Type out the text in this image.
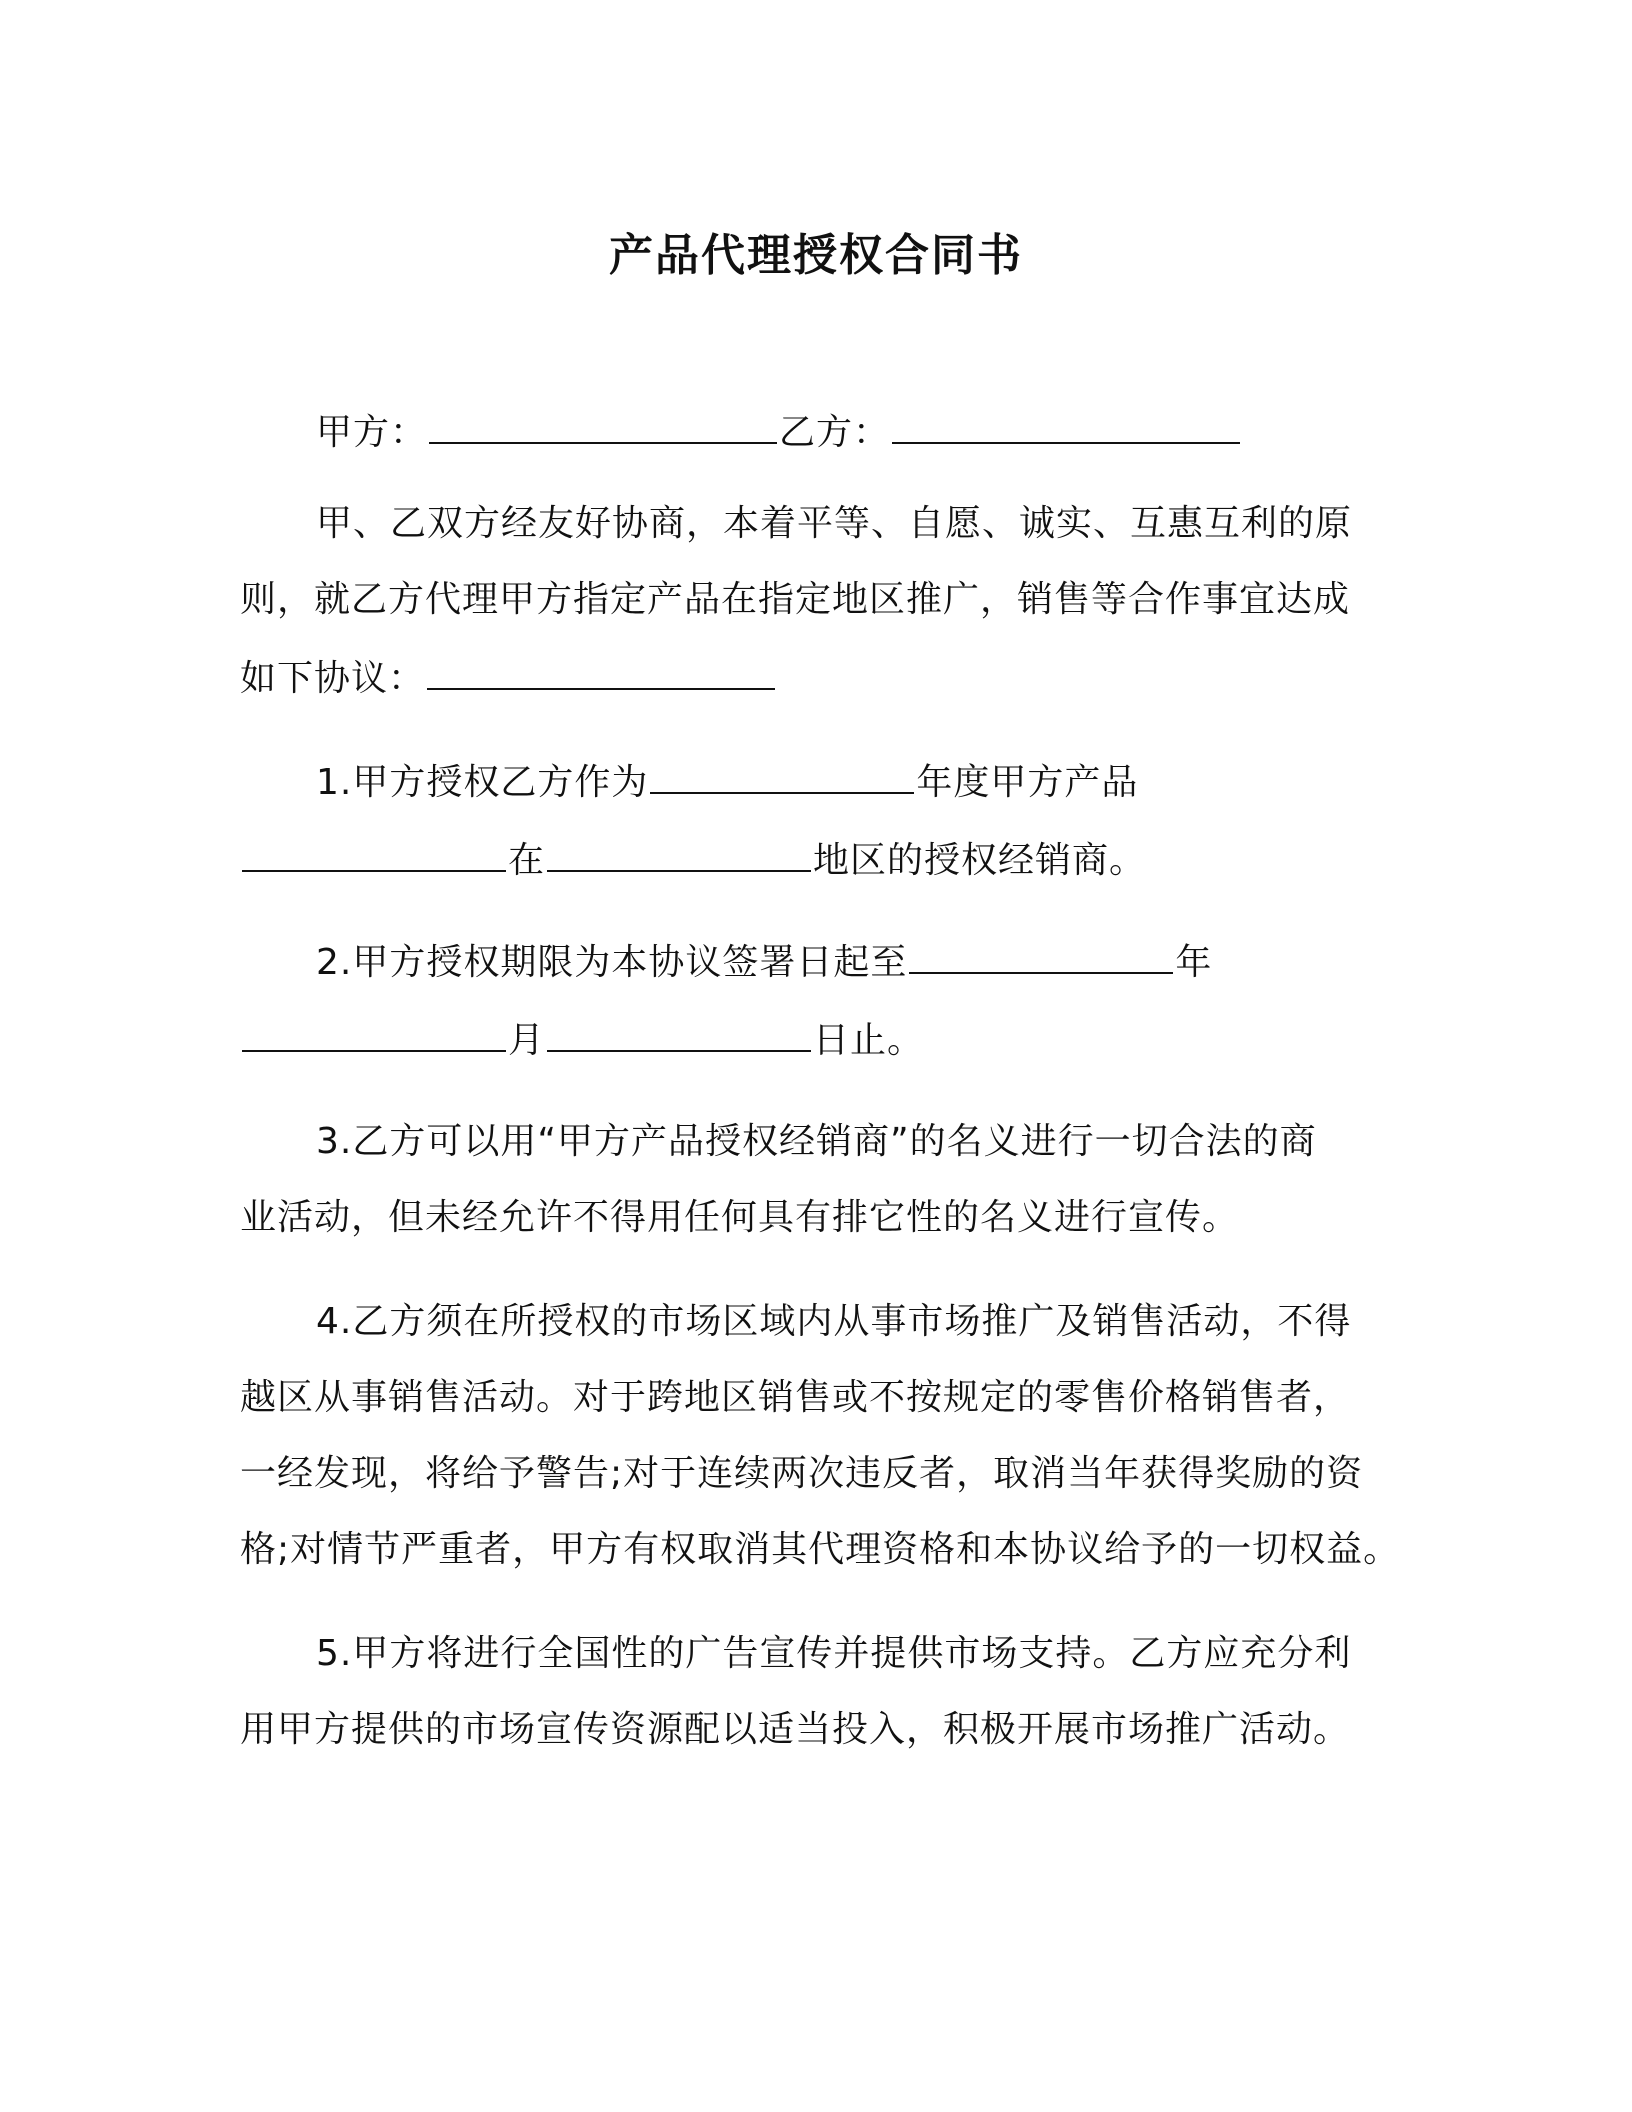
产品代理授权合同书
甲方：	乙方：
甲、乙双方经友好协商，本着平等、自愿、诚实、互惠互利的原
则，就乙方代理甲方指定产品在指定地区推广，销售等合作事宜达成
如下协议：
1.甲方授权乙方作为	年度甲方产品
在	地区的授权经销商。
2.甲方授权期限为本协议签署日起至	年
月	日止。
3.乙方可以用“甲方产品授权经销商”的名义进行一切合法的商
业活动，但未经允许不得用任何具有排它性的名义进行宣传。
4.乙方须在所授权的市场区域内从事市场推广及销售活动，不得
越区从事销售活动。对于跨地区销售或不按规定的零售价格销售者，
一经发现，将给予警告;对于连续两次违反者，取消当年获得奖励的资
格;对情节严重者，甲方有权取消其代理资格和本协议给予的一切权益。
5.甲方将进行全国性的广告宣传并提供市场支持。乙方应充分利
用甲方提供的市场宣传资源配以适当投入，积极开展市场推广活动。
